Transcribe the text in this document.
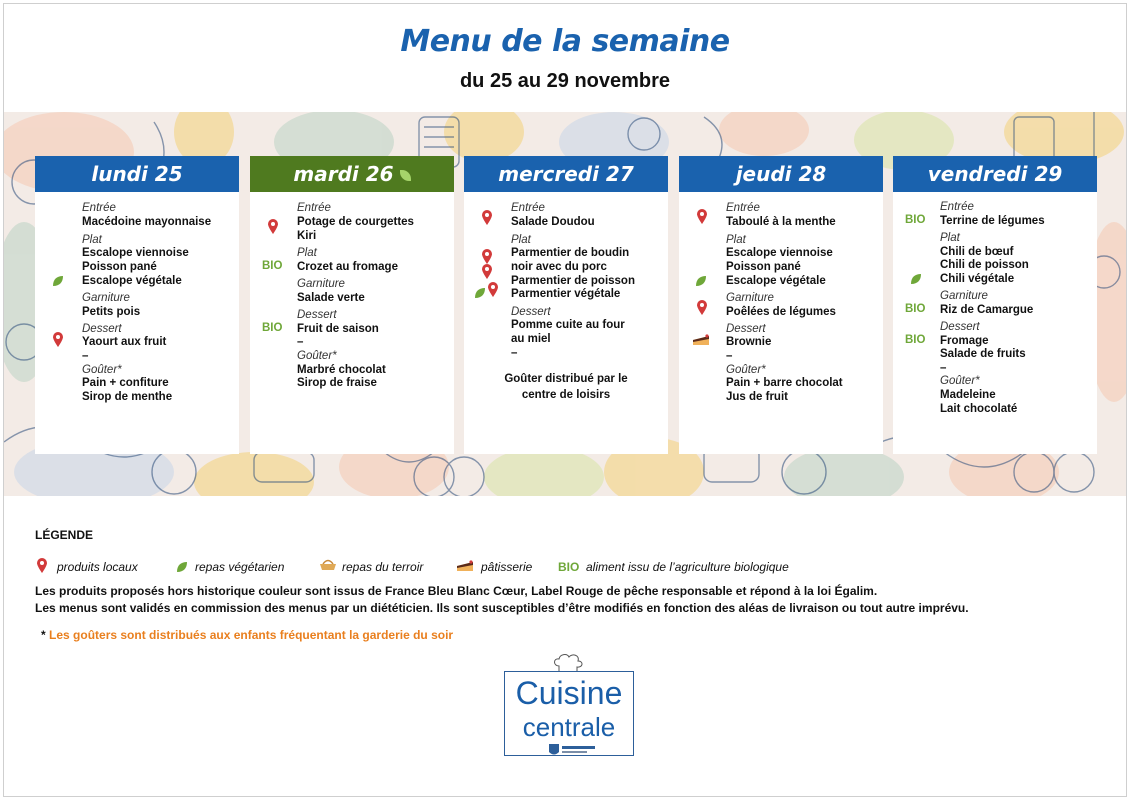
Menu de la semaine
du 25 au 29 novembre
lundi 25
Entrée
Macédoine mayonnaise
Plat
Escalope viennoise
Poisson pané
Escalope végétale
Garniture
Petits pois
Dessert
Yaourt aux fruit
–
Goûter*
Pain + confiture
Sirop de menthe
mardi 26
Entrée
Potage de courgettes
Kiri
Plat
Crozet au fromage
Garniture
Salade verte
Dessert
Fruit de saison
–
Goûter*
Marbré chocolat
Sirop de fraise
BIO
BIO
mercredi 27
Entrée
Salade Doudou
Plat
Parmentier de boudin
noir avec du porc
Parmentier de poisson
Parmentier végétale
Dessert
Pomme cuite au four
au miel
–
Goûter distribué par le
centre de loisirs
jeudi 28
Entrée
Taboulé à la menthe
Plat
Escalope viennoise
Poisson pané
Escalope végétale
Garniture
Poêlées de légumes
Dessert
Brownie
–
Goûter*
Pain + barre chocolat
Jus de fruit
vendredi 29
Entrée
Terrine de légumes
Plat
Chili de bœuf
Chili de poisson
Chili végétale
Garniture
Riz de Camargue
Dessert
Fromage
Salade de fruits
–
Goûter*
Madeleine
Lait chocolaté
BIO
BIO
BIO
LÉGENDE
produits locaux	repas végétarien	repas du terroir	pâtisserie BIO aliment issu de l’agriculture biologique
Les produits proposés hors historique couleur sont issus de France Bleu Blanc Cœur, Label Rouge de pêche responsable et répond à la loi Égalim.
Les menus sont validés en commission des menus par un diététicien. Ils sont susceptibles d’être modifiés en fonction des aléas de livraison ou tout autre imprévu.
* Les goûters sont distribués aux enfants fréquentant la garderie du soir
Cuisine
centrale
